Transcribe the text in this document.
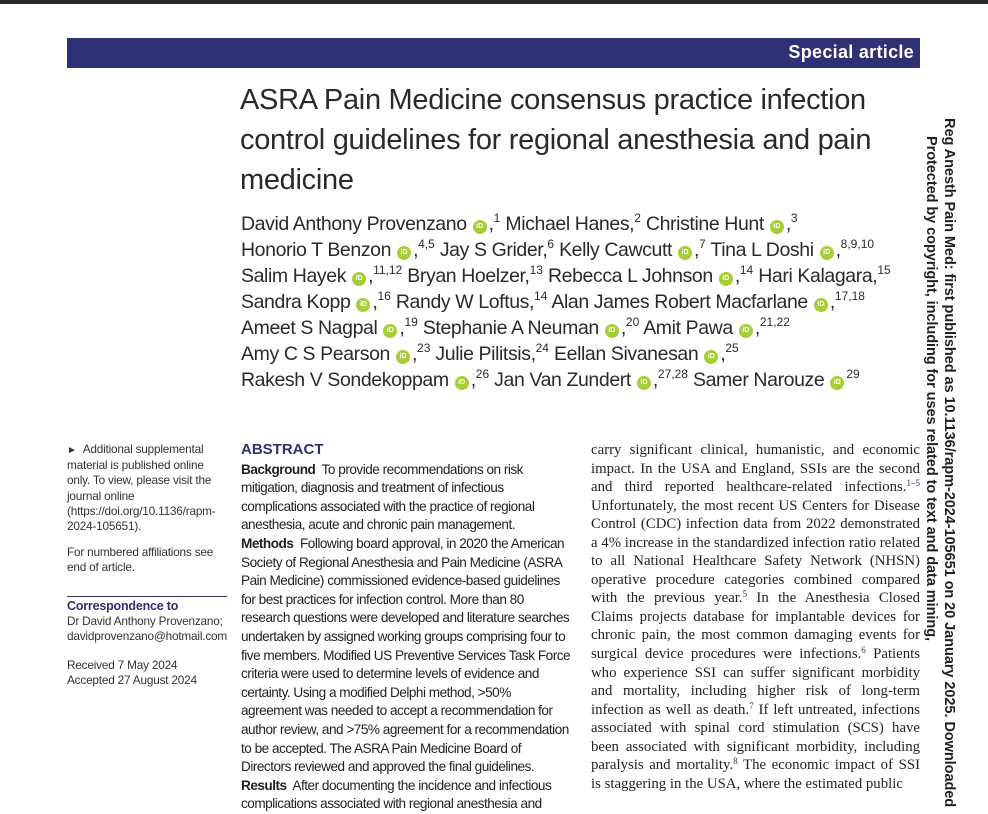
Special article
ASRA Pain Medicine consensus practice infection control guidelines for regional anesthesia and pain medicine
David Anthony Provenzano iD ,$^1$ Michael Hanes,$^2$ Christine Hunt iD ,$^3$
Honorio T Benzon iD ,$^{4,5}$ Jay S Grider,$^6$ Kelly Cawcutt iD ,$^7$ Tina L Doshi iD ,$^{8,9,10}$
Salim Hayek iD ,$^{11,12}$ Bryan Hoelzer,$^{13}$ Rebecca L Johnson iD ,$^{14}$ Hari Kalagara,$^{15}$
Sandra Kopp iD ,$^{16}$ Randy W Loftus,$^{14}$ Alan James Robert Macfarlane iD ,$^{17,18}$
Ameet S Nagpal iD ,$^{19}$ Stephanie A Neuman iD ,$^{20}$ Amit Pawa iD ,$^{21,22}$
Amy C S Pearson iD ,$^{23}$ Julie Pilitsis,$^{24}$ Eellan Sivanesan iD ,$^{25}$
Rakesh V Sondekoppam iD ,$^{26}$ Jan Van Zundert iD ,$^{27,28}$ Samer Narouze $iD^{29}$

► Additional supplemental material is published online only. To view, please visit the journal online (https://doi.org/10.1136/rapm-2024-105651).

For numbered affiliations see end of article.

Correspondence to
Dr David Anthony Provenzano;
davidprovenzano@hotmail.com

Received 7 May 2024
Accepted 27 August 2024

ABSTRACT

Background To provide recommendations on risk mitigation, diagnosis and treatment of infectious complications associated with the practice of regional anesthesia, acute and chronic pain management.

Methods Following board approval, in 2020 the American Society of Regional Anesthesia and Pain Medicine (ASRA Pain Medicine) commissioned evidence-based guidelines for best practices for infection control. More than 80 research questions were developed and literature searches undertaken by assigned working groups comprising four to five members. Modified US Preventive Services Task Force criteria were used to determine levels of evidence and certainty. Using a modified Delphi method, >50% agreement was needed to accept a recommendation for author review, and >75% agreement for a recommendation to be accepted. The ASRA Pain Medicine Board of Directors reviewed and approved the final guidelines.

Results After documenting the incidence and infectious complications associated with regional anesthesia and

carry significant clinical, humanistic, and economic impact. In the USA and England, SSIs are the second and third reported healthcare-related infections.$^{1-5}$ Unfortunately, the most recent US Centers for Disease Control (CDC) infection data from 2022 demonstrated a 4% increase in the standardized infection ratio related to all National Healthcare Safety Network (NHSN) operative procedure categories combined compared with the previous year.$^5$ In the Anesthesia Closed Claims projects database for implantable devices for chronic pain, the most common damaging events for surgical device procedures were infections.$^6$ Patients who experience SSI can suffer significant morbidity and mortality, including higher risk of long-term infection as well as death.$^7$ If left untreated, infections associated with spinal cord stimulation (SCS) have been associated with significant morbidity, including paralysis and mortality.$^8$ The economic impact of SSI is staggering in the USA, where the estimated public	Reg Anesth Pain Med: first published as 10.1136/rapm-2024-105651 on 20 January 2025. Downloaded
Protected by copyright, including for uses related to text and data mining,
